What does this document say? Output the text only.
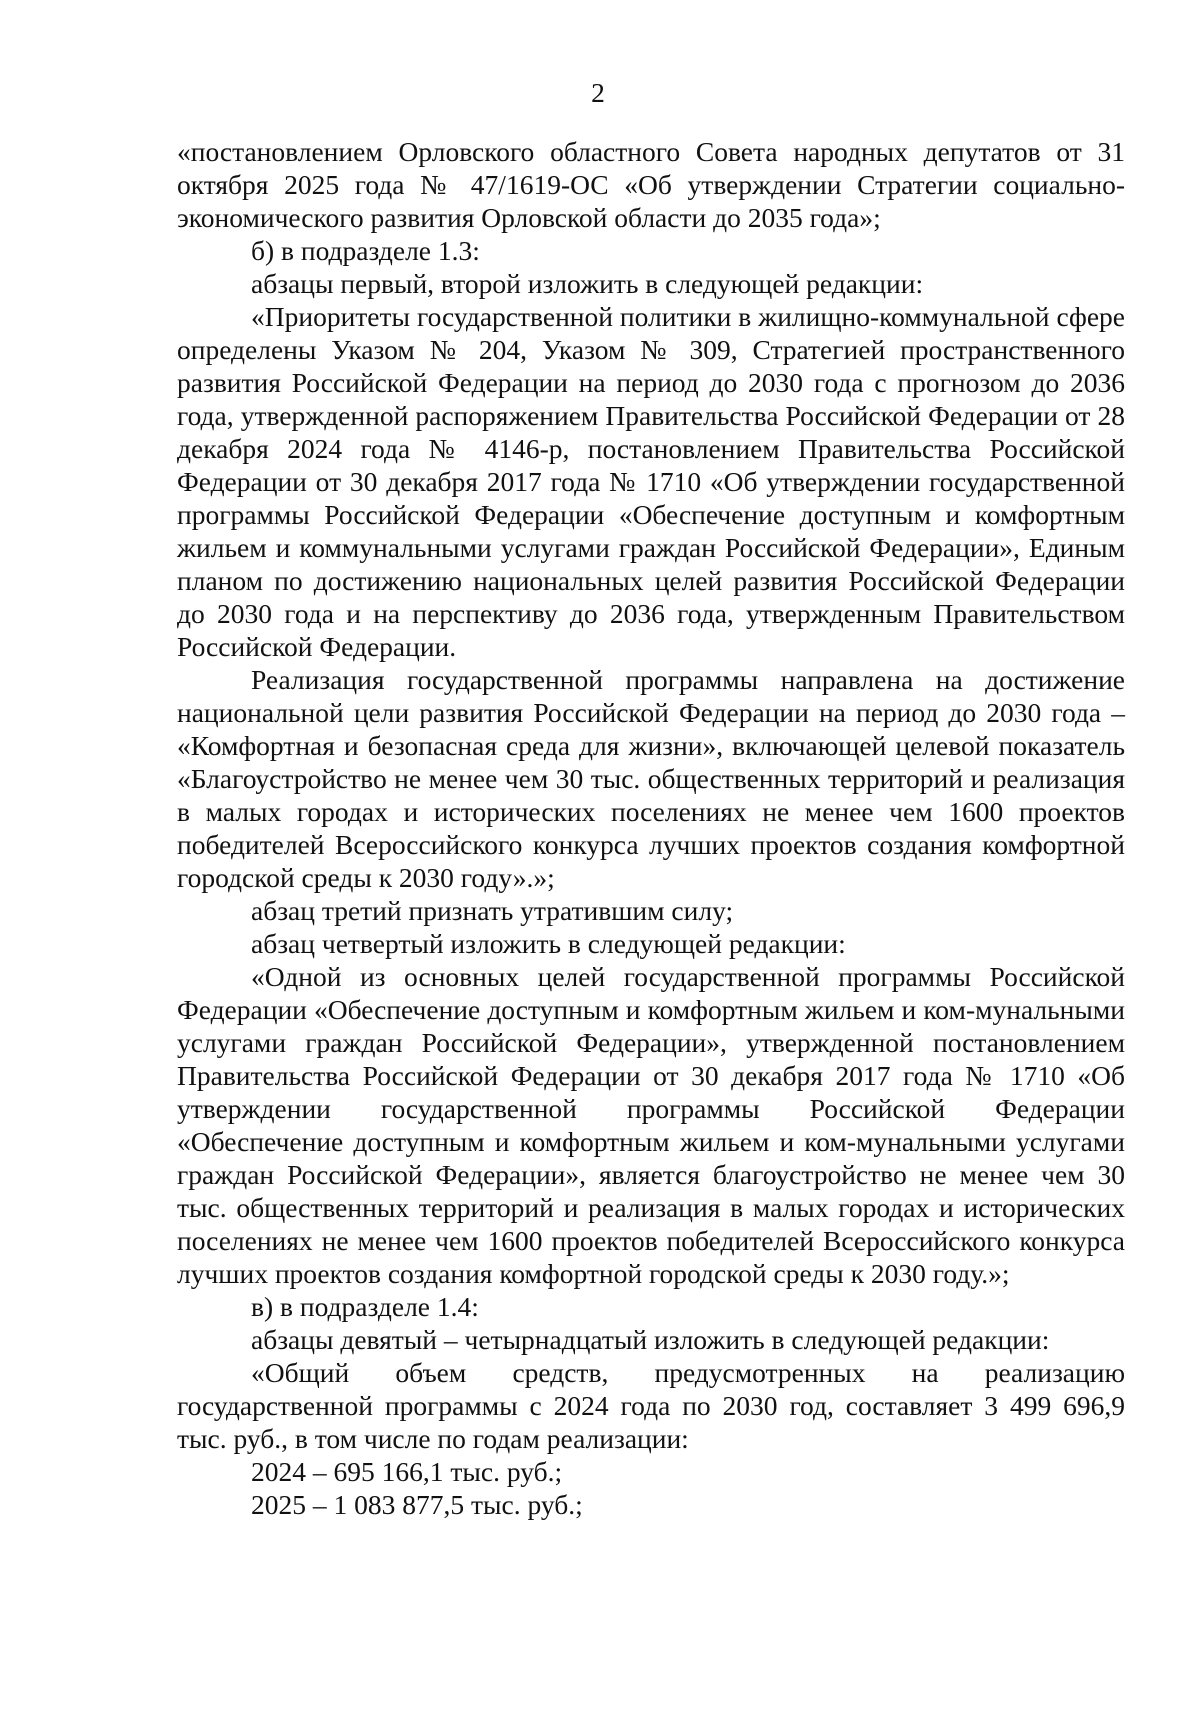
2

«постановлением Орловского областного Совета народных депутатов от 31 октября 2025 года № 47/1619-ОС «Об утверждении Стратегии социально-экономического развития Орловской области до 2035 года»;

б) в подразделе 1.3:

абзацы первый, второй изложить в следующей редакции:

«Приоритеты государственной политики в жилищно-коммунальной сфере определены Указом № 204, Указом № 309, Стратегией пространственного развития Российской Федерации на период до 2030 года с прогнозом до 2036 года, утвержденной распоряжением Правительства Российской Федерации от 28 декабря 2024 года № 4146-р, постановлением Правительства Российской Федерации от 30 декабря 2017 года № 1710 «Об утверждении государственной программы Российской Федерации «Обеспечение доступным и комфортным жильем и коммунальными услугами граждан Российской Федерации», Единым планом по достижению национальных целей развития Российской Федерации до 2030 года и на перспективу до 2036 года, утвержденным Правительством Российской Федерации.

Реализация государственной программы направлена на достижение национальной цели развития Российской Федерации на период до 2030 года – «Комфортная и безопасная среда для жизни», включающей целевой показатель «Благоустройство не менее чем 30 тыс. общественных территорий и реализация в малых городах и исторических поселениях не менее чем 1600 проектов победителей Всероссийского конкурса лучших проектов создания комфортной городской среды к 2030 году».»;

абзац третий признать утратившим силу;

абзац четвертый изложить в следующей редакции:

«Одной из основных целей государственной программы Российской Федерации «Обеспечение доступным и комфортным жильем и ком-мунальными услугами граждан Российской Федерации», утвержденной постановлением Правительства Российской Федерации от 30 декабря 2017 года № 1710 «Об утверждении государственной программы Российской Федерации «Обеспечение доступным и комфортным жильем и ком-мунальными услугами граждан Российской Федерации», является благоустройство не менее чем 30 тыс. общественных территорий и реализация в малых городах и исторических поселениях не менее чем 1600 проектов победителей Всероссийского конкурса лучших проектов создания комфортной городской среды к 2030 году.»;

в) в подразделе 1.4:

абзацы девятый – четырнадцатый изложить в следующей редакции:

«Общий объем средств, предусмотренных на реализацию государственной программы с 2024 года по 2030 год, составляет 3 499 696,9 тыс. руб., в том числе по годам реализации:

2024 – 695 166,1 тыс. руб.;

2025 – 1 083 877,5 тыс. руб.;
